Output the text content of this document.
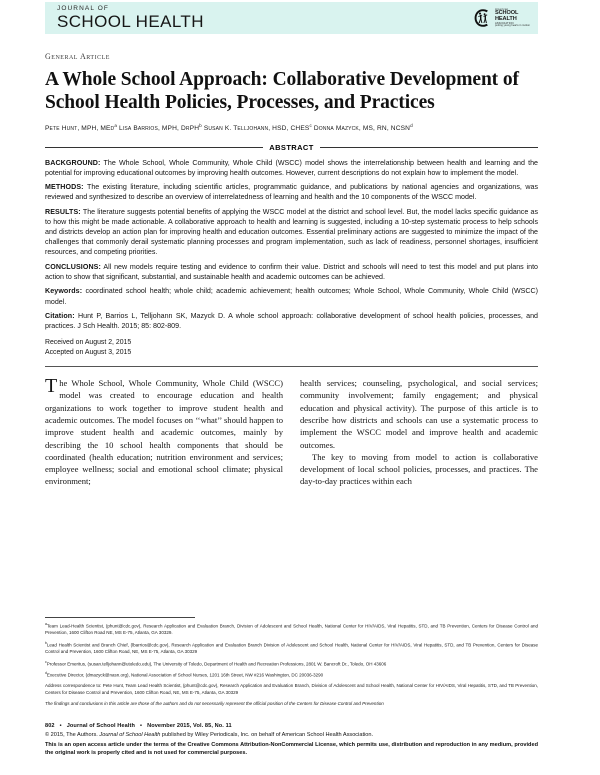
JOURNAL OF
SCHOOL HEALTH
American
SCHOOL
HEALTH
ASSOCIATION
putting young hearts in motion
General Article
A Whole School Approach: Collaborative Development of School Health Policies, Processes, and Practices
Pete Hunt, MPH, MEd$^a$ Lisa Barrios, MPH, DrPH$^b$ Susan K. Telljohann, HSD, CHES$^c$ Donna Mazyck, MS, RN, NCSN$^d$
ABSTRACT

BACKGROUND: The Whole School, Whole Community, Whole Child (WSCC) model shows the interrelationship between health and learning and the potential for improving educational outcomes by improving health outcomes. However, current descriptions do not explain how to implement the model.

METHODS: The existing literature, including scientific articles, programmatic guidance, and publications by national agencies and organizations, was reviewed and synthesized to describe an overview of interrelatedness of learning and health and the 10 components of the WSCC model.

RESULTS: The literature suggests potential benefits of applying the WSCC model at the district and school level. But, the model lacks specific guidance as to how this might be made actionable. A collaborative approach to health and learning is suggested, including a 10-step systematic process to help schools and districts develop an action plan for improving health and education outcomes. Essential preliminary actions are suggested to minimize the impact of the challenges that commonly derail systematic planning processes and program implementation, such as lack of readiness, personnel shortages, insufficient resources, and competing priorities.

CONCLUSIONS: All new models require testing and evidence to confirm their value. District and schools will need to test this model and put plans into action to show that significant, substantial, and sustainable health and academic outcomes can be achieved.

Keywords: coordinated school health; whole child; academic achievement; health outcomes; Whole School, Whole Community, Whole Child (WSCC) model.

Citation: Hunt P, Barrios L, Telljohann SK, Mazyck D. A whole school approach: collaborative development of school health policies, processes, and practices. J Sch Health. 2015; 85: 802-809.

Received on August 2, 2015
Accepted on August 3, 2015

The Whole School, Whole Community, Whole Child (WSCC) model was created to encourage education and health organizations to work together to improve student health and academic outcomes. The model focuses on ‘‘what’’ should happen to improve student health and academic outcomes, mainly by describing the 10 school health components that should be coordinated (health education; nutrition environment and services; employee wellness; social and emotional school climate; physical environment;

health services; counseling, psychological, and social services; community involvement; family engagement; and physical education and physical activity). The purpose of this article is to describe how districts and schools can use a systematic process to implement the WSCC model and improve health and academic outcomes.

The key to moving from model to action is collaborative development of local school policies, processes, and practices. The day-to-day practices within each

$^a$Team Lead-Health Scientist, (phunt@cdc.gov), Research Application and Evaluation Branch, Division of Adolescent and School Health, National Center for HIV/AIDS, Viral Hepatitis, STD, and TB Prevention, Centers for Disease Control and Prevention, 1600 Clifton Road NE, MS E-75, Atlanta, GA 30329.

$^b$Lead Health Scientist and Branch Chief, (lbarrios@cdc.gov), Research Application and Evaluation Branch Division of Adolescent and School Health, National Center for HIV/AIDS, Viral Hepatitis, STD, and TB Prevention, Centers for Disease Control and Prevention, 1600 Clifton Road, NE, MS E-75, Atlanta, GA 30329

$^c$Professor Emeritus, (susan.telljohann@utoledo.edu), The University of Toledo, Department of Health and Recreation Professions, 2801 W. Bancroft Dr., Toledo, OH 43606

$^d$Executive Director, (dmazyck@nasn.org), National Association of School Nurses, 1201 16th Street, NW #216 Washington, DC 20036-3290

Address correspondence to: Pete Hunt, Team Lead Health Scientist, (phunt@cdc.gov), Research Application and Evaluation Branch, Division of Adolescent and School Health, National Center for HIV/AIDS, Viral Hepatitis, STD, and TB Prevention, Centers for Disease Control and Prevention, 1600 Clifton Road, NE, MS E-75, Atlanta, GA 30329

The findings and conclusions in this article are those of the authors and do not necessarily represent the official position of the Centers for Disease Control and Prevention

802 • Journal of School Health • November 2015, Vol. 85, No. 11
© 2015, The Authors. Journal of School Health published by Wiley Periodicals, Inc. on behalf of American School Health Association.
This is an open access article under the terms of the Creative Commons Attribution-NonCommercial License, which permits use, distribution and reproduction in any medium, provided the original work is properly cited and is not used for commercial purposes.
